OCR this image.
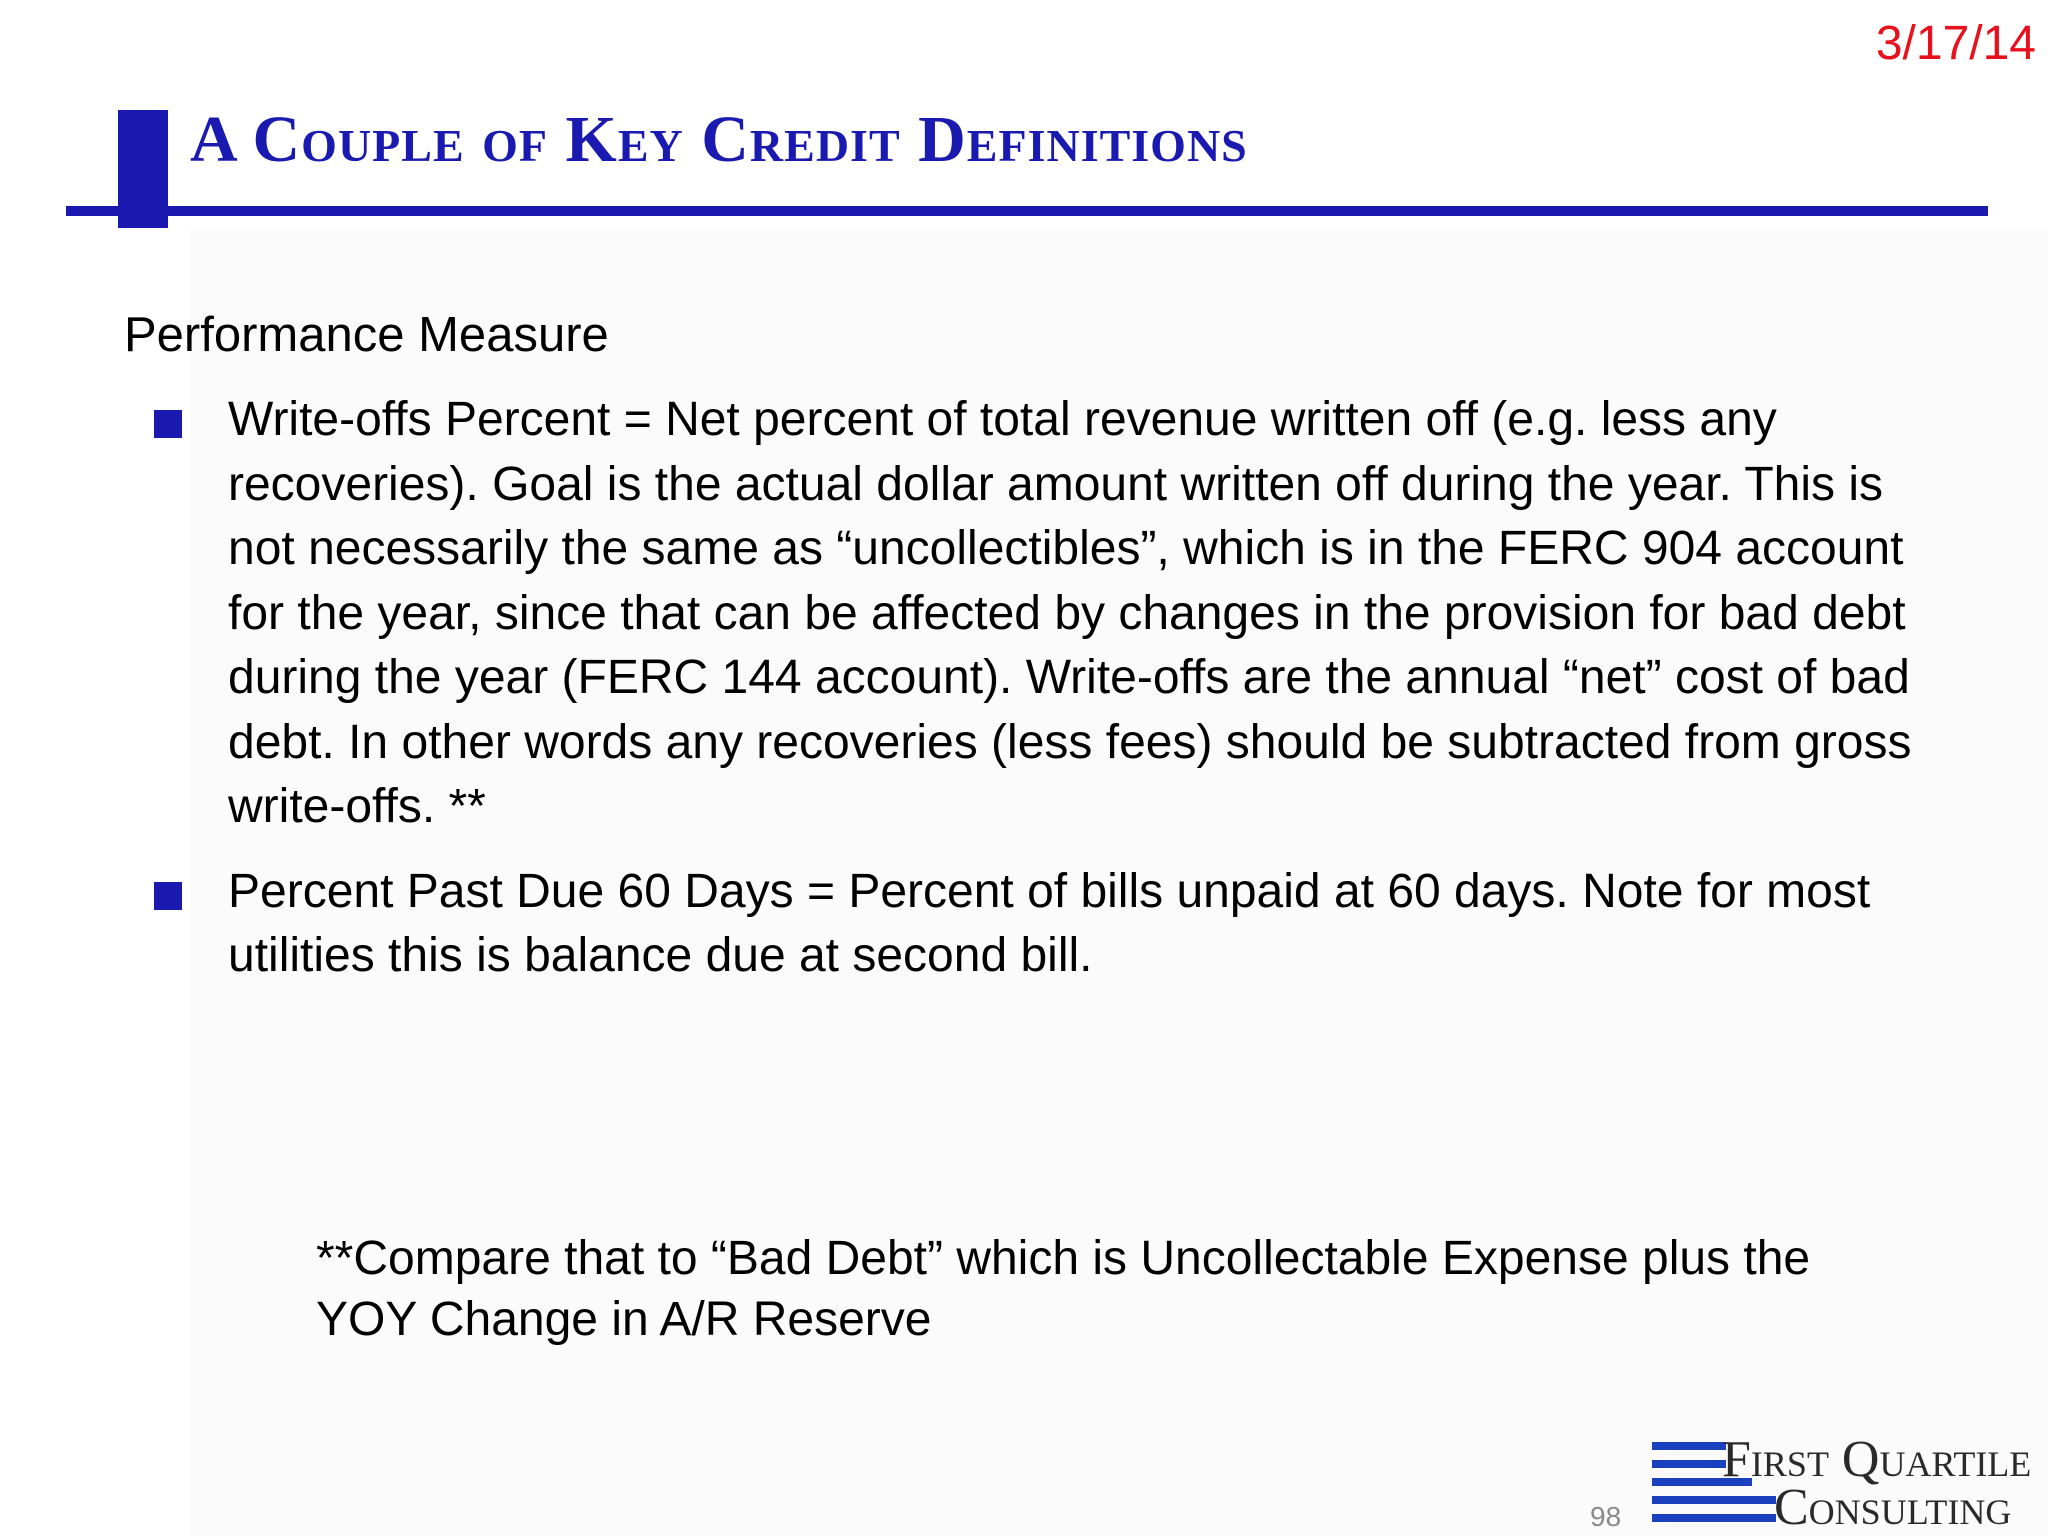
3/17/14
A Couple of Key Credit Definitions
Performance Measure
Write-offs Percent = Net percent of total revenue written off (e.g. less any recoveries). Goal is the actual dollar amount written off during the year. This is not necessarily the same as “uncollectibles”, which is in the FERC 904 account for the year, since that can be affected by changes in the provision for bad debt during the year (FERC 144 account). Write-offs are the annual “net” cost of bad debt. In other words any recoveries (less fees) should be subtracted from gross write-offs. **
Percent Past Due 60 Days = Percent of bills unpaid at 60 days. Note for most utilities this is balance due at second bill.
**Compare that to “Bad Debt” which is Uncollectable Expense plus the YOY Change in A/R Reserve
98
First Quartile
Consulting
